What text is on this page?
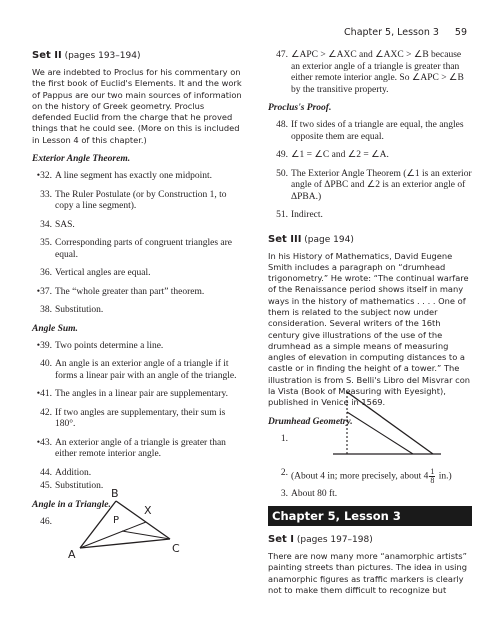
Chapter 5, Lesson 3 59

Set II (pages 193–194)

We are indebted to Proclus for his commentary on the first book of Euclid's Elements. It and the work of Pappus are our two main sources of information on the history of Greek geometry. Proclus defended Euclid from the charge that he proved things that he could see. (More on this is included in Lesson 4 of this chapter.)

Exterior Angle Theorem.

•32. A line segment has exactly one midpoint.
33. The Ruler Postulate (or by Construction 1, to copy a line segment).
34. SAS.
35. Corresponding parts of congruent triangles are equal.
36. Vertical angles are equal.
•37. The “whole greater than part” theorem.
38. Substitution.

Angle Sum.

•39. Two points determine a line.
40. An angle is an exterior angle of a triangle if it forms a linear pair with an angle of the triangle.
•41. The angles in a linear pair are supplementary.
42. If two angles are supplementary, their sum is 180°.
•43. An exterior angle of a triangle is greater than either remote interior angle.
44. Addition.
45. Substitution.

Angle in a Triangle.

46.
B
X
P
A	C
47. ∠APC > ∠AXC and ∠AXC > ∠B because an exterior angle of a triangle is greater than either remote interior angle. So ∠APC > ∠B by the transitive property.

Proclus's Proof.

48. If two sides of a triangle are equal, the angles opposite them are equal.
49. ∠1 = ∠C and ∠2 = ∠A.
50. The Exterior Angle Theorem (∠1 is an exterior angle of ΔPBC and ∠2 is an exterior angle of ΔPBA.)
51. Indirect.

Set III (page 194)

In his History of Mathematics, David Eugene Smith includes a paragraph on “drumhead trigonometry.” He wrote: “The continual warfare of the Renaissance period shows itself in many ways in the history of mathematics . . . . One of them is related to the subject now under consideration. Several writers of the 16th century give illustrations of the use of the drumhead as a simple means of measuring angles of elevation in computing distances to a castle or in finding the height of a tower.” The illustration is from S. Belli's Libro del Misvrar con la Vista (Book of Measuring with Eyesight), published in Venice in 1569.

Drumhead Geometry.

1.
2. (About 4 in; more precisely, about $4 \frac{1}{8} in$.)
3. About 80 ft.
Chapter 5, Lesson 3

Set I (pages 197–198)

There are now many more “anamorphic artists” painting streets than pictures. The idea in using anamorphic figures as traffic markers is clearly not to make them difficult to recognize but
